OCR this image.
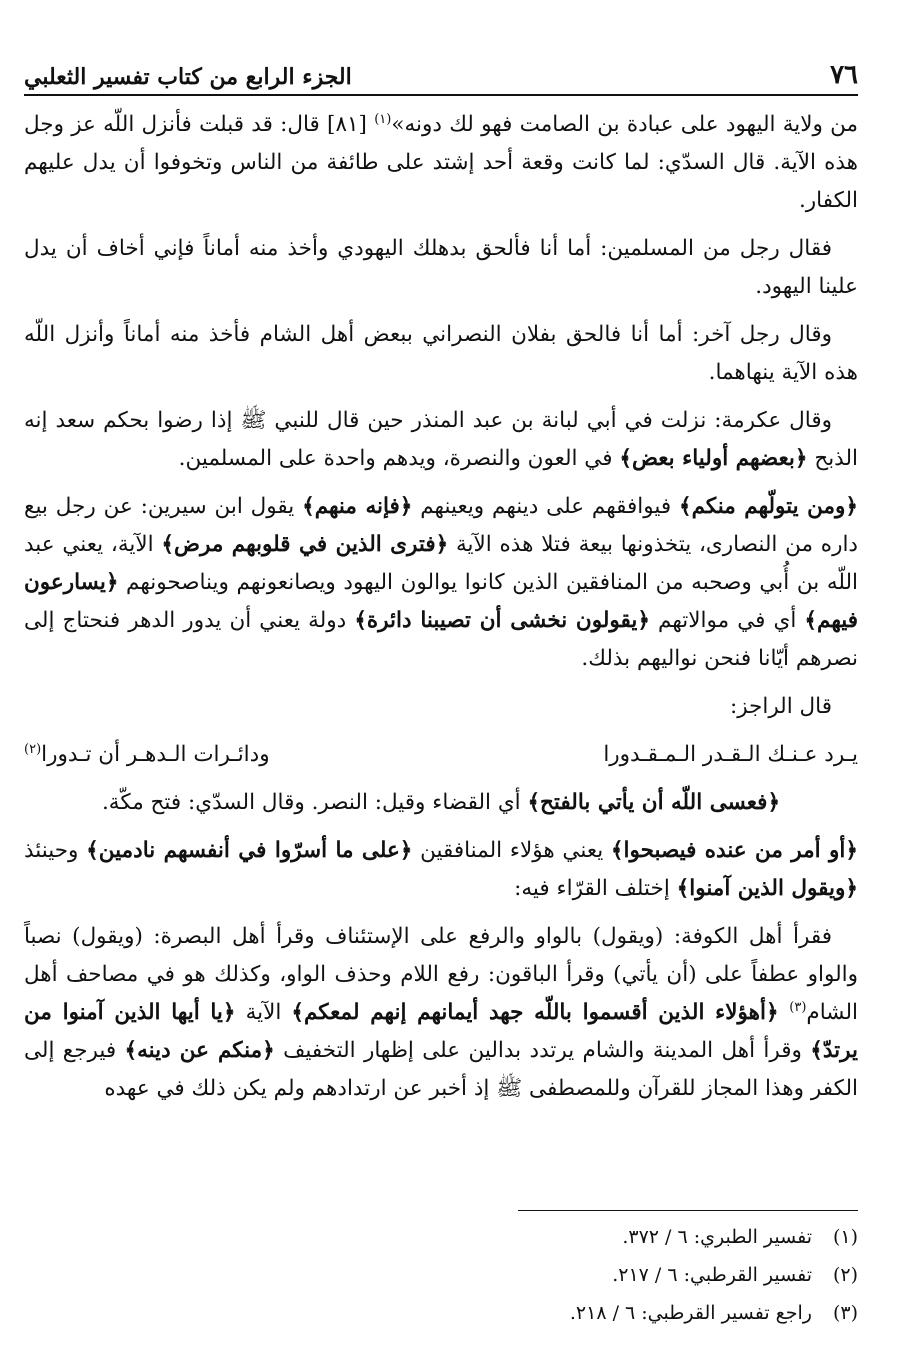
٧٦
الجزء الرابع من كتاب تفسير الثعلبي

من ولاية اليهود على عبادة بن الصامت فهو لك دونه»$^{(١)}$ [٨١] قال: قد قبلت فأنزل اللّه عز وجل هذه الآية. قال السدّي: لما كانت وقعة أحد إشتد على طائفة من الناس وتخوفوا أن يدل عليهم الكفار.

فقال رجل من المسلمين: أما أنا فألحق بدهلك اليهودي وأخذ منه أماناً فإني أخاف أن يدل علينا اليهود.

وقال رجل آخر: أما أنا فالحق بفلان النصراني ببعض أهل الشام فأخذ منه أماناً وأنزل اللّه هذه الآية ينهاهما.

وقال عكرمة: نزلت في أبي لبانة بن عبد المنذر حين قال للنبي ﷺ إذا رضوا بحكم سعد إنه الذبح ﴿بعضهم أولياء بعض﴾ في العون والنصرة، ويدهم واحدة على المسلمين.

﴿ومن يتولّهم منكم﴾ فيوافقهم على دينهم ويعينهم ﴿فإنه منهم﴾ يقول ابن سيرين: عن رجل بيع داره من النصارى، يتخذونها بيعة فتلا هذه الآية ﴿فترى الذين في قلوبهم مرض﴾ الآية، يعني عبد اللّه بن أُبي وصحبه من المنافقين الذين كانوا يوالون اليهود ويصانعونهم ويناصحونهم ﴿يسارعون فيهم﴾ أي في موالاتهم ﴿يقولون نخشى أن تصيبنا دائرة﴾ دولة يعني أن يدور الدهر فنحتاج إلى نصرهم أيّانا فنحن نواليهم بذلك.

قال الراجز:

يـرد عـنـك الـقـدر الـمـقـدورا
ودائـرات الـدهـر أن تـدورا$^{(٢)}$

﴿فعسى اللّه أن يأتي بالفتح﴾ أي القضاء وقيل: النصر. وقال السدّي: فتح مكّة.

﴿أو أمر من عنده فيصبحوا﴾ يعني هؤلاء المنافقين ﴿على ما أسرّوا في أنفسهم نادمين﴾ وحينئذ ﴿ويقول الذين آمنوا﴾ إختلف القرّاء فيه:

فقرأ أهل الكوفة: (ويقول) بالواو والرفع على الإستئناف وقرأ أهل البصرة: (ويقول) نصباً والواو عطفاً على (أن يأتي) وقرأ الباقون: رفع اللام وحذف الواو، وكذلك هو في مصاحف أهل الشام$^{(٣)}$ ﴿أهؤلاء الذين أقسموا باللّه جهد أيمانهم إنهم لمعكم﴾ الآية ﴿يا أيها الذين آمنوا من يرتدّ﴾ وقرأ أهل المدينة والشام يرتدد بدالين على إظهار التخفيف ﴿منكم عن دينه﴾ فيرجع إلى الكفر وهذا المجاز للقرآن وللمصطفى ﷺ إذ أخبر عن ارتدادهم ولم يكن ذلك في عهده

(١)تفسير الطبري: ٦ / ٣٧٢.
(٢)تفسير القرطبي: ٦ / ٢١٧.
(٣)راجع تفسير القرطبي: ٦ / ٢١٨.
